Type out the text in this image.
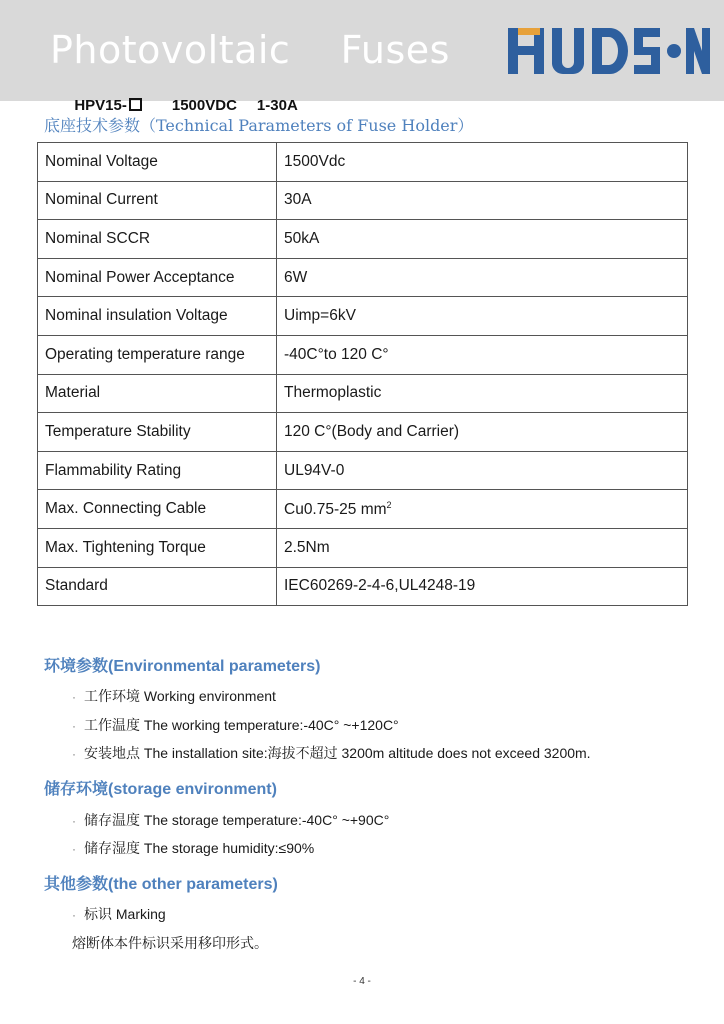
Photovoltaic    Fuses

HPV15-	1500VDC 1-30A

底座技术参数（Technical Parameters of Fuse Holder）
Nominal Voltage	1500Vdc
Nominal Current	30A
Nominal SCCR	50kA
Nominal Power Acceptance	6W
Nominal insulation Voltage	Uimp=6kV
Operating temperature range	-40C°to 120 C°
Material	Thermoplastic
Temperature Stability	120 C°(Body and Carrier)
Flammability Rating	UL94V-0
Max. Connecting Cable	Cu0.75-25 $mm^2$
Max. Tightening Torque	2.5Nm
Standard	IEC60269-2-4-6,UL4248-19
环境参数(Environmental parameters)
· 工作环境 Working environment
· 工作温度 The working temperature:-40C° ~+120C°
· 安装地点 The installation site:海拔不超过 3200m altitude does not exceed 3200m.
储存环境(storage environment)
· 储存温度 The storage temperature:-40C° ~+90C°
· 储存湿度 The storage humidity:≤90%
其他参数(the other parameters)
· 标识 Marking
熔断体本件标识采用移印形式。
- 4 -
